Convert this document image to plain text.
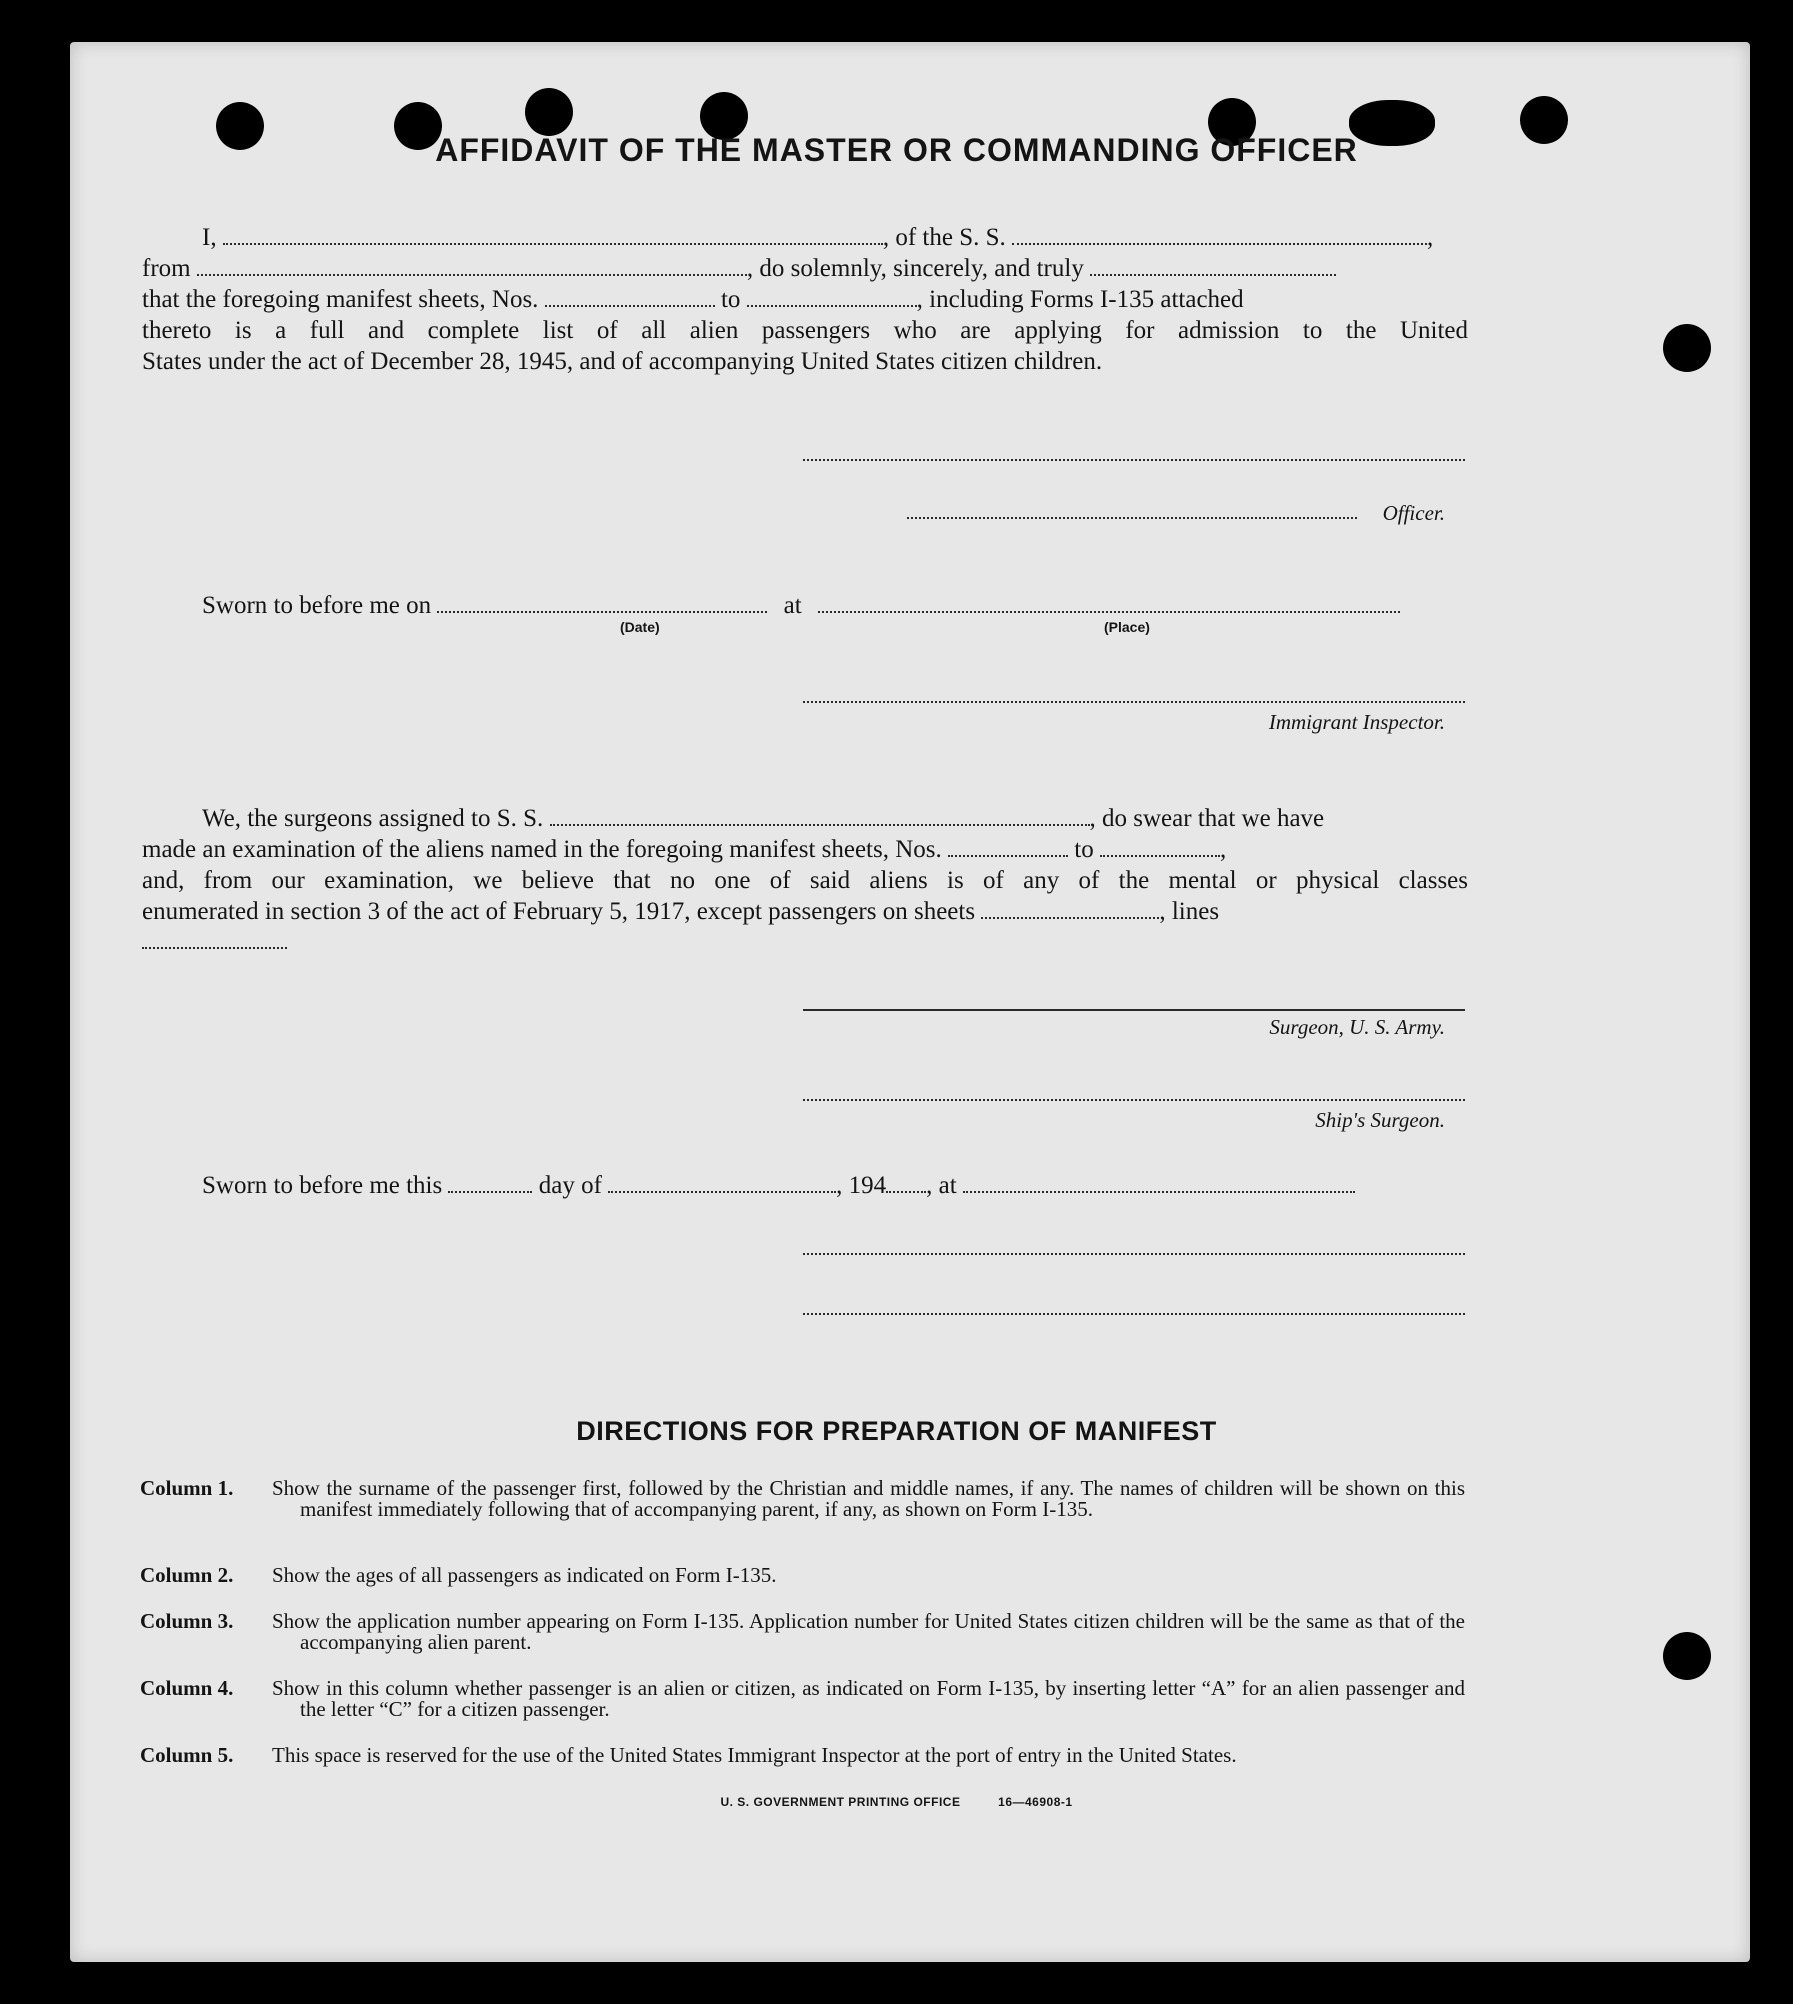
AFFIDAVIT OF THE MASTER OR COMMANDING OFFICER
I,	, of the S. S.	,
from	, do solemnly, sincerely, and truly
that the foregoing manifest sheets, Nos.	to	, including Forms I-135 attached
thereto is a full and complete list of all alien passengers who are applying for admission to the United
States under the act of December 28, 1945, and of accompanying United States citizen children.
Officer.
Sworn to before me on	at
(Date)	(Place)
Immigrant Inspector.
We, the surgeons assigned to S. S.	, do swear that we have
made an examination of the aliens named in the foregoing manifest sheets, Nos.	to	,
and, from our examination, we believe that no one of said aliens is of any of the mental or physical classes
enumerated in section 3 of the act of February 5, 1917, except passengers on sheets	, lines
Surgeon, U. S. Army.
Ship's Surgeon.
Sworn to before me this	day of	, 194 , at
DIRECTIONS FOR PREPARATION OF MANIFEST
Column 1.	Show the surname of the passenger first, followed by the Christian and middle names, if any. The names of children will be shown on this manifest immediately following that of accompanying parent, if any, as shown on Form I-135.
Column 2.	Show the ages of all passengers as indicated on Form I-135.
Column 3.	Show the application number appearing on Form I-135. Application number for United States citizen children will be the same as that of the accompanying alien parent.
Column 4.	Show in this column whether passenger is an alien or citizen, as indicated on Form I-135, by inserting letter “A” for an alien passenger and the letter “C” for a citizen passenger.
Column 5.	This space is reserved for the use of the United States Immigrant Inspector at the port of entry in the United States.
U. S. GOVERNMENT PRINTING OFFICE	16—46908-1
